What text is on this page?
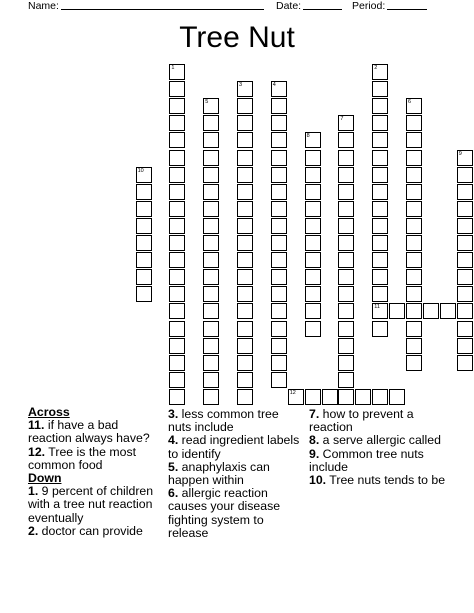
Name:	Date:	Period:
Tree Nut
1	2
11
3	4
5	6
7
8
9
10
12
Across
11. if have a bad reaction always have?
12. Tree is the most common food
Down
1. 9 percent of children with a tree nut reaction eventually
2. doctor can provide
3. less common tree nuts include
4. read ingredient labels to identify
5. anaphylaxis can happen within
6. allergic reaction causes your disease fighting system to release
7. how to prevent a reaction
8. a serve allergic called
9. Common tree nuts include
10. Tree nuts tends to be
